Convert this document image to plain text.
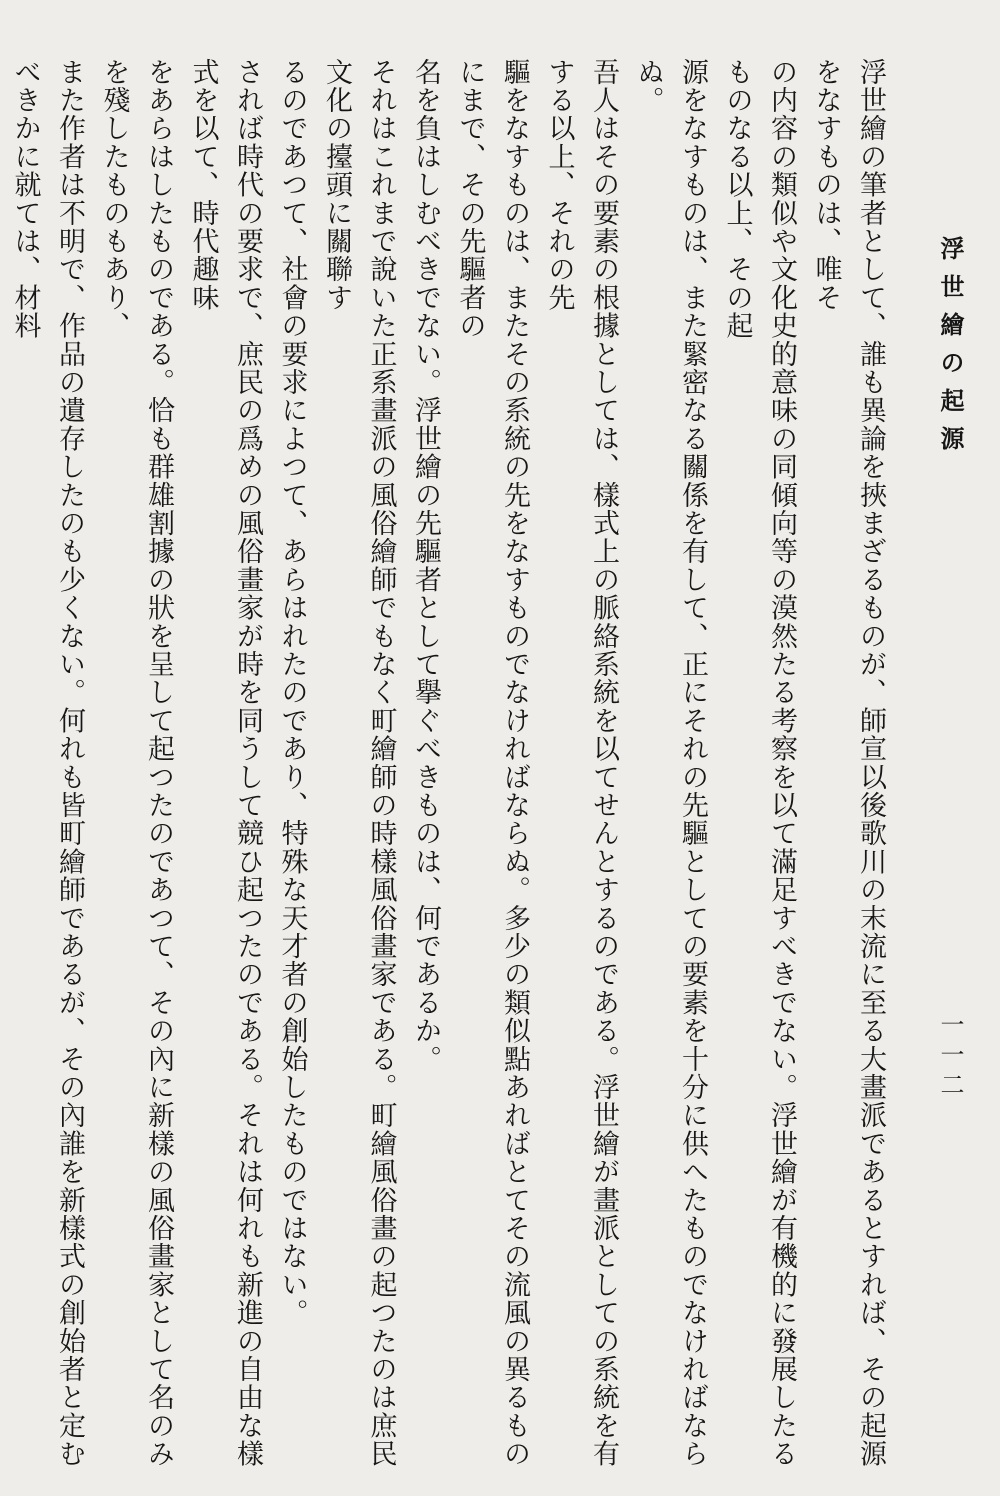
浮世繪の起源
一一二
浮世繪の筆者として、誰も異論を挾まざるものが、師宣以後歌川の末流に至る大畫派であるとすれば、その起源をなすものは、唯そ
の内容の類似や文化史的意味の同傾向等の漠然たる考察を以て滿足すべきでない。浮世繪が有機的に發展したるものなる以上、その起
源をなすものは、また緊密なる關係を有して、正にそれの先驅としての要素を十分に供へたものでなければならぬ。
吾人はその要素の根據としては、樣式上の脈絡系統を以てせんとするのである。浮世繪が畫派としての系統を有する以上、それの先
驅をなすものは、またその系統の先をなすものでなければならぬ。多少の類似點あればとてその流風の異るものにまで、その先驅者の
名を負はしむべきでない。浮世繪の先驅者として擧ぐべきものは、何であるか。
それはこれまで說いた正系畫派の風俗繪師でもなく町繪師の時樣風俗畫家である。町繪風俗畫の起つたのは庶民文化の擡頭に關聯す
るのであつて、社會の要求によつて、あらはれたのであり、特殊な天才者の創始したものではない。
されば時代の要求で、庶民の爲めの風俗畫家が時を同うして競ひ起つたのである。それは何れも新進の自由な樣式を以て、時代趣味
をあらはしたものである。恰も群雄割據の狀を呈して起つたのであつて、その內に新樣の風俗畫家として名のみを殘したものもあり、
また作者は不明で、作品の遺存したのも少くない。何れも皆町繪師であるが、その內誰を新樣式の創始者と定むべきかに就ては、材料
